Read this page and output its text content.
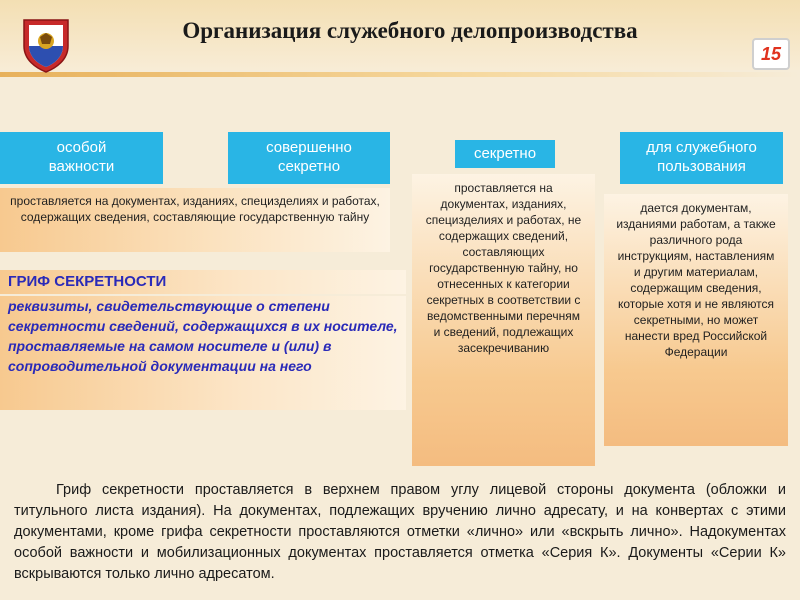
Организация служебного делопроизводства
15
особой
важности
совершенно
секретно
секретно	для служебного
пользования
проставляется на документах, изданиях, специзделиях и работах, содержащих сведения, составляющие государственную тайну
проставляется на документах, изданиях, специзделиях и работах, не содержащих сведений, составляющих государственную тайну, но отнесенных к категории секретных в соответствии с ведомственными перечням и сведений, подлежащих засекречиванию
дается документам, изданиями работам, а также различного рода инструкциям, наставлениям и другим материалам, содержащим сведения, которые хотя и не являются секретными, но может нанести вред Российской Федерации
ГРИФ СЕКРЕТНОСТИ
реквизиты, свидетельствующие о степени секретности сведений, содержащихся в их носителе, проставляемые на самом носителе и (или) в сопроводительной документации на него
Гриф секретности проставляется в верхнем правом углу лицевой стороны документа (обложки и титульного листа издания). На документах, подлежащих вручению лично адресату, и на конвертах с этими документами, кроме грифа секретности проставляются отметки «лично» или «вскрыть лично». Надокументах особой важности и мобилизационных документах проставляется отметка «Серия К». Документы «Серии К» вскрываются только лично адресатом.
